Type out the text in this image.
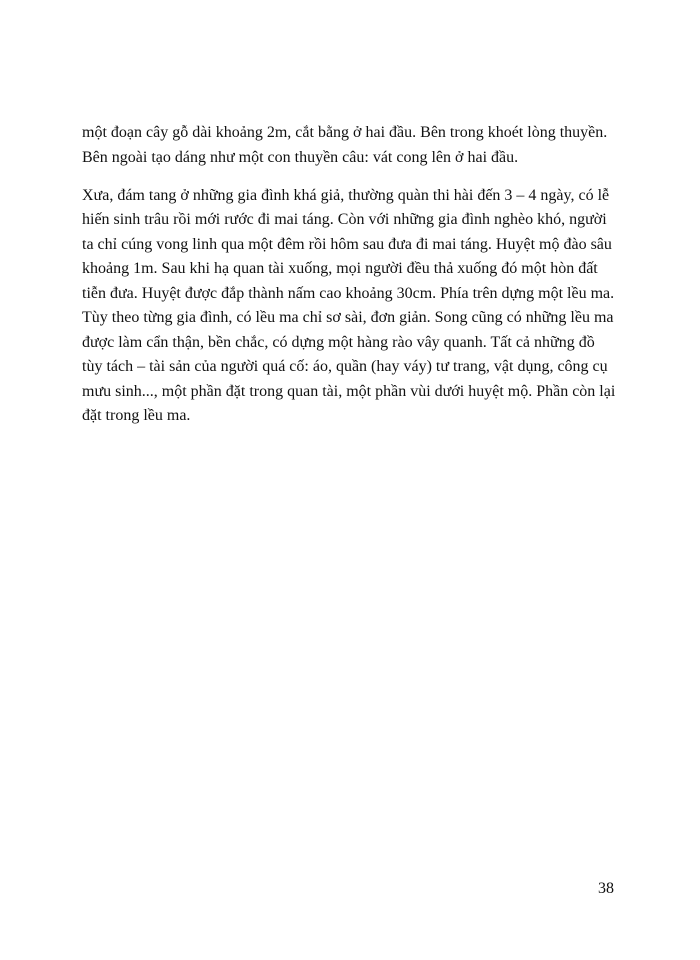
một đoạn cây gỗ dài khoảng 2m, cắt bằng ở hai đầu. Bên trong khoét lòng thuyền.
Bên ngoài tạo dáng như một con thuyền câu: vát cong lên ở hai đầu.
Xưa, đám tang ở những gia đình khá giả, thường quàn thi hài đến 3 – 4 ngày, có lễ
hiến sinh trâu rồi mới rước đi mai táng. Còn với những gia đình nghèo khó, người
ta chỉ cúng vong linh qua một đêm rồi hôm sau đưa đi mai táng. Huyệt mộ đào sâu
khoảng 1m. Sau khi hạ quan tài xuống, mọi người đều thả xuống đó một hòn đất
tiễn đưa. Huyệt được đắp thành nấm cao khoảng 30cm. Phía trên dựng một lều ma.
Tùy theo từng gia đình, có lều ma chỉ sơ sài, đơn giản. Song cũng có những lều ma
được làm cẩn thận, bền chắc, có dựng một hàng rào vây quanh. Tất cả những đồ
tùy tách – tài sản của người quá cố: áo, quần (hay váy) tư trang, vật dụng, công cụ
mưu sinh..., một phần đặt trong quan tài, một phần vùi dưới huyệt mộ. Phần còn lại
đặt trong lều ma.
38
